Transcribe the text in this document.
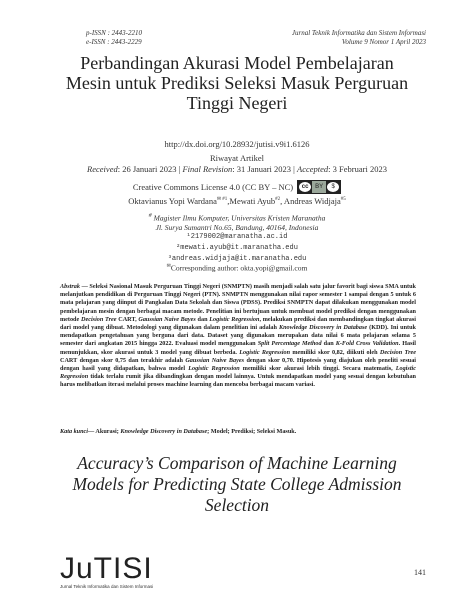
p-ISSN : 2443-2210
e-ISSN : 2443-2229
Jurnal Teknik Informatika dan Sistem Informasi
Volume 9 Nomor 1 April 2023
Perbandingan Akurasi Model Pembelajaran
Mesin untuk Prediksi Seleksi Masuk Perguruan
Tinggi Negeri
http://dx.doi.org/10.28932/jutisi.v9i1.6126
Riwayat Artikel
Received: 26 Januari 2023 | Final Revision: 31 Januari 2023 | Accepted: 3 Februari 2023
Creative Commons License 4.0 (CC BY – NC)	cc	BY	$
Oktavianus Yopi Wardana$^{✉ \#1}$,Mewati Ayub$^{\#2}$, Andreas Widjaja$^{\#5}$
# Magister Ilmu Komputer, Universitas Kristen Maranatha
Jl. Surya Sumantri No.65, Bandung, 40164, Indonesia
¹2179002@maranatha.ac.id
²mewati.ayub@it.maranatha.edu
³andreas.widjaja@it.maranatha.edu
✉Corresponding author: okta.yopi@gmail.com
Abstrak — Seleksi Nasional Masuk Perguruan Tinggi Negeri (SNMPTN) masih menjadi salah satu jalur favorit bagi siswa SMA untuk melanjutkan pendidikan di Perguruan Tinggi Negeri (PTN). SNMPTN menggunakan nilai rapor semester 1 sampai dengan 5 untuk 6 mata pelajaran yang diinput di Pangkalan Data Sekolah dan Siswa (PDSS). Prediksi SNMPTN dapat dilakukan menggunakan model pembelajaran mesin dengan berbagai macam metode. Penelitian ini bertujuan untuk membuat model prediksi dengan menggunakan metode Decision Tree CART, Gaussian Naive Bayes dan Logistic Regression, melakukan prediksi dan membandingkan tingkat akurasi dari model yang dibuat. Metodologi yang digunakan dalam penelitian ini adalah Knowledge Discovery in Database (KDD). Ini untuk mendapatkan pengetahuan yang berguna dari data. Dataset yang digunakan merupakan data nilai 6 mata pelajaran selama 5 semester dari angkatan 2015 hingga 2022. Evaluasi model menggunakan Split Percentage Method dan K-Fold Cross Validation. Hasil menunjukkan, skor akurasi untuk 3 model yang dibuat berbeda. Logistic Regression memiliki skor 0,82, diikuti oleh Decision Tree CART dengan skor 0,75 dan terakhir adalah Gaussian Naive Bayes dengan skor 0,70. Hipotesis yang diajukan oleh peneliti sesuai dengan hasil yang didapatkan, bahwa model Logistic Regression memiliki skor akurasi lebih tinggi. Secara matematis, Logistic Regression tidak terlalu rumit jika dibandingkan dengan model lainnya. Untuk mendapatkan model yang sesuai dengan kebutuhan harus melibatkan iterasi melalui proses machine learning dan mencoba berbagai macam variasi.
Kata kunci— Akurasi; Knowledge Discovery in Database; Model; Prediksi; Seleksi Masuk.
Accuracy’s Comparison of Machine Learning
Models for Predicting State College Admission
Selection
JuTISI
Jurnal Teknik Informatika dan Sistem Informasi
141
